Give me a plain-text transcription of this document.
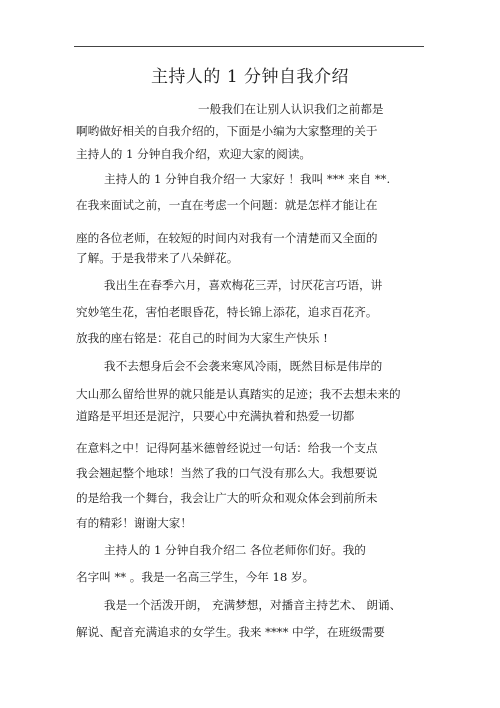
主持人的 1 分钟自我介绍
一般我们在让别人认识我们之前都是
啊哟做好相关的自我介绍的，下面是小编为大家整理的关于
主持人的 1 分钟自我介绍，欢迎大家的阅读。
主持人的 1 分钟自我介绍一 大家好 ！我叫 *** 来自 **.
在我来面试之前，一直在考虑一个问题：就是怎样才能让在
座的各位老师，在较短的时间内对我有一个清楚而又全面的
了解。于是我带来了八朵鲜花。
我出生在春季六月，喜欢梅花三弄，讨厌花言巧语，讲
究妙笔生花，害怕老眼昏花，特长锦上添花，追求百花齐。
放我的座右铭是：花自己的时间为大家生产快乐 !
我不去想身后会不会袭来寒风冷雨，既然目标是伟岸的
大山那么留给世界的就只能是认真踏实的足迹；我不去想未来的
道路是平坦还是泥泞，只要心中充满执着和热爱一切都
在意料之中！记得阿基米德曾经说过一句话：给我一个支点
我会翘起整个地球！当然了我的口气没有那么大。我想要说
的是给我一个舞台，我会让广大的听众和观众体会到前所未
有的精彩！谢谢大家！
主持人的 1 分钟自我介绍二 各位老师你们好。我的
名字叫 ** 。我是一名高三学生，今年 18 岁。
我是一个活泼开朗， 充满梦想，对播音主持艺术、 朗诵、
解说、配音充满追求的女学生。我来 **** 中学，在班级需要
